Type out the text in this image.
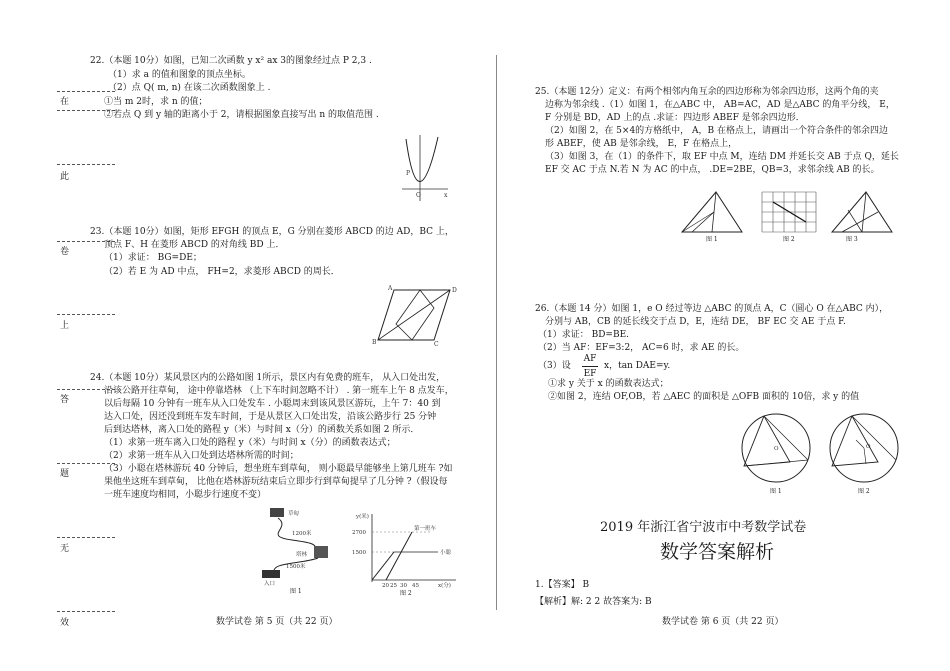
在
此
卷
上
答
题
无
效
22.（本题 10分）如图，已知二次函数 y x² ax 3的图象经过点 P 2,3 .
（1）求 a 的值和图象的顶点坐标。
（2）点 Q( m, n) 在该二次函数图象上 .
①当 m 2时，求 n 的值；
②若点 Q 到 y 轴的距离小于 2，请根据图象直接写出 n 的取值范围 .
P
O	x
23.（本题 10分）如图，矩形 EFGH 的顶点 E，G 分别在菱形 ABCD 的边 AD，BC 上，
顶点 F、H 在菱形 ABCD 的对角线 BD 上．
（1）求证： BG=DE；
（2）若 E 为 AD 中点， FH=2，求菱形 ABCD 的周长．
A	D
B	C
24.（本题 10分）某风景区内的公路如图 1所示，景区内有免费的班车， 从入口处出发，
沿该公路开往草甸， 途中停靠塔林 （上下车时间忽略不计） . 第一班车上午 8 点发车，
以后每隔 10 分钟有一班车从入口处发车 . 小聪周末到该风景区游玩，上午 7：40 到
达入口处，因还没到班车发车时间，于是从景区入口处出发，沿该公路步行 25 分钟
后到达塔林，离入口处的路程 y（米）与时间 x（分）的函数关系如图 2 所示．
（1）求第一班车离入口处的路程 y（米）与时间 x（分）的函数表达式；
（2）求第一班车从入口处到达塔林所需的时间；
（3）小聪在塔林游玩 40 分钟后，想坐班车到草甸， 则小聪最早能够坐上第几班车 ?如
果他坐这班车到草甸， 比他在塔林游玩结束后立即步行到草甸提早了几分钟 ?（假设每
一班车速度均相同，小聪步行速度不变）
草甸
1200米
塔林
1500米
入口
图 1
y(米)
2700
1500
第一班车
小聪
20 25 30 45	x(分)
图 2
数学试卷 第 5 页（共 22 页）
25.（本题 12分）定义：有两个相邻内角互余的四边形称为邻余四边形，这两个角的夹
边称为邻余线 .（1）如图 1，在△ABC 中， AB=AC，AD 是△ABC 的角平分线， E，
F 分别是 BD，AD 上的点 .求证：四边形 ABEF 是邻余四边形．
（2）如图 2，在 5×4的方格纸中， A，B 在格点上，请画出一个符合条件的邻余四边
形 ABEF，使 AB 是邻余线， E，F 在格点上，
（3）如图 3，在（1）的条件下，取 EF 中点 M，连结 DM 并延长交 AB 于点 Q，延长
EF 交 AC 于点 N.若 N 为 AC 的中点， .DE=2BE，QB=3，求邻余线 AB 的长。
图 1	图 2	图 3
26.（本题 14 分）如图 1，e O 经过等边 △ABC 的顶点 A，C（圆心 O 在△ABC 内），
分别与 AB，CB 的延长线交于点 D，E，连结 DE， BF EC 交 AE 于点 F.
（1）求证： BD=BE.
（2）当 AF：EF=3:2， AC=6 时，求 AE 的长。
（3）设
AF
EF
x，tan DAE=y.
①求 y 关于 x 的函数表达式；
②如图 2，连结 OF,OB，若 △AEC 的面积是 △OFB 面积的 10倍，求 y 的值
O
图 1
O
图 2
2019 年浙江省宁波市中考数学试卷
数学答案解析
1.【答案】 B
【解析】解: 2 2 故答案为: B
数学试卷 第 6 页（共 22 页）
